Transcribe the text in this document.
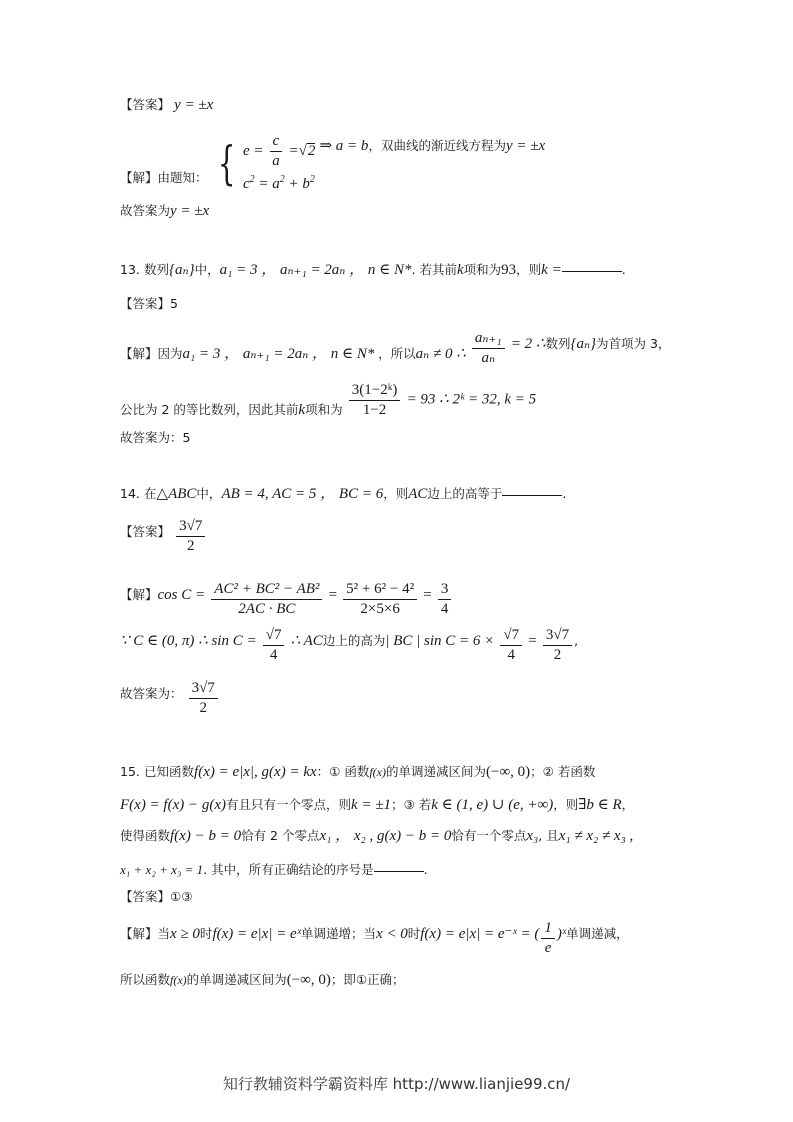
【答案】 y = ±x
【解】由题知： { $e = \frac{c}{a}$ = √ 2
$c^2 = a^2 + b^2$
⇒ a = b，双曲线的渐近线方程为y = ±x
故答案为y = ±x
13. 数列{aₙ}中，a₁ = 3 ， aₙ₊₁ = 2aₙ ， n ∈ N*. 若其前k项和为93，则k =	.
【答案】5
【解】因为a₁ = 3 ， aₙ₊₁ = 2aₙ ， n ∈ N* ，所以aₙ ≠ 0 ∴ $\frac{\text{aₙ₊₁}}{\text{aₙ}} = 2$ ∴数列{aₙ}为首项为 3，
公比为 2 的等比数列，因此其前k项和为 $\frac{\text{3(1−2ᵏ)}}{1-2} = 93$ ∴ 2ᵏ = 32, k = 5
故答案为：5
14. 在△ABC中，AB = 4, AC = 5 ， BC = 6，则AC边上的高等于	.
【答案】 $\frac{3√7}{2}$
【解】$\cos C = \frac{\text{AC² + BC² − AB²}}{2AC \cdot BC} = \frac{\text{5² + 6² − 4²}}{2\times 5\times 6} = \frac{3}{4}$
∵ C ∈ (0, π) ∴ $\sin C = \frac{√7}{4}$ ∴ AC边上的高为| BC | $\sin C = 6 \times \frac{√7}{4} = \frac{3√7}{2}$ ,
故答案为： $\frac{3√7}{2}$
15. 已知函数f(x) = e|x|, g(x) = kx：① 函数f(x)的单调递减区间为(−∞, 0)；② 若函数
F(x) = f(x) − g(x)有且只有一个零点，则k = ±1；③ 若k ∈ (1, e) ∪ (e, +∞)，则∃b ∈ R，
使得函数f(x) − b = 0恰有 2 个零点x₁ ， x₂ , g(x) − b = 0恰有一个零点x₃, 且x₁ ≠ x₂ ≠ x₃ ,
x₁ + x₂ + x₃ = 1. 其中，所有正确结论的序号是	.
【答案】①③
【解】当x ≥ 0时f(x) = e|x| = eˣ单调递增；当x < 0时f(x) = e|x| = e⁻ˣ = ( $\frac{1}{e}$ )ˣ单调递减，
所以函数f(x)的单调递减区间为(−∞, 0)；即①正确；
知行教辅资料学霸资料库 http://www.lianjie99.cn/
